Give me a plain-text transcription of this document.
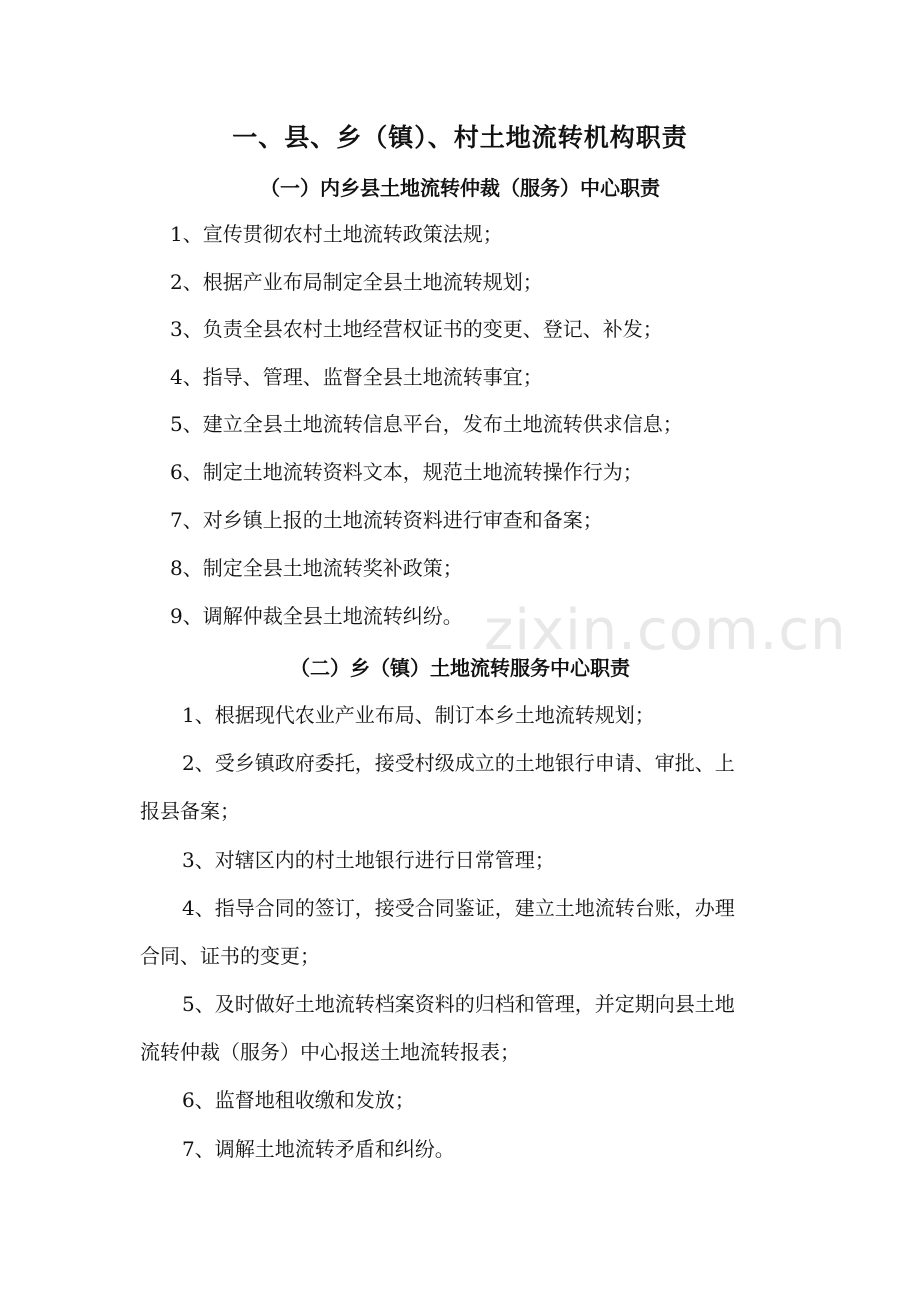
zixin.com.cn
一、县、乡（镇）、村土地流转机构职责
（一）内乡县土地流转仲裁（服务）中心职责
1、宣传贯彻农村土地流转政策法规；
2、根据产业布局制定全县土地流转规划；
3、负责全县农村土地经营权证书的变更、登记、补发；
4、指导、管理、监督全县土地流转事宜；
5、建立全县土地流转信息平台，发布土地流转供求信息；
6、制定土地流转资料文本，规范土地流转操作行为；
7、对乡镇上报的土地流转资料进行审查和备案；
8、制定全县土地流转奖补政策；
9、调解仲裁全县土地流转纠纷。
（二）乡（镇）土地流转服务中心职责
1、根据现代农业产业布局、制订本乡土地流转规划；
2、受乡镇政府委托，接受村级成立的土地银行申请、审批、上
报县备案；
3、对辖区内的村土地银行进行日常管理；
4、指导合同的签订，接受合同鉴证，建立土地流转台账，办理
合同、证书的变更；
5、及时做好土地流转档案资料的归档和管理，并定期向县土地
流转仲裁（服务）中心报送土地流转报表；
6、监督地租收缴和发放；
7、调解土地流转矛盾和纠纷。
